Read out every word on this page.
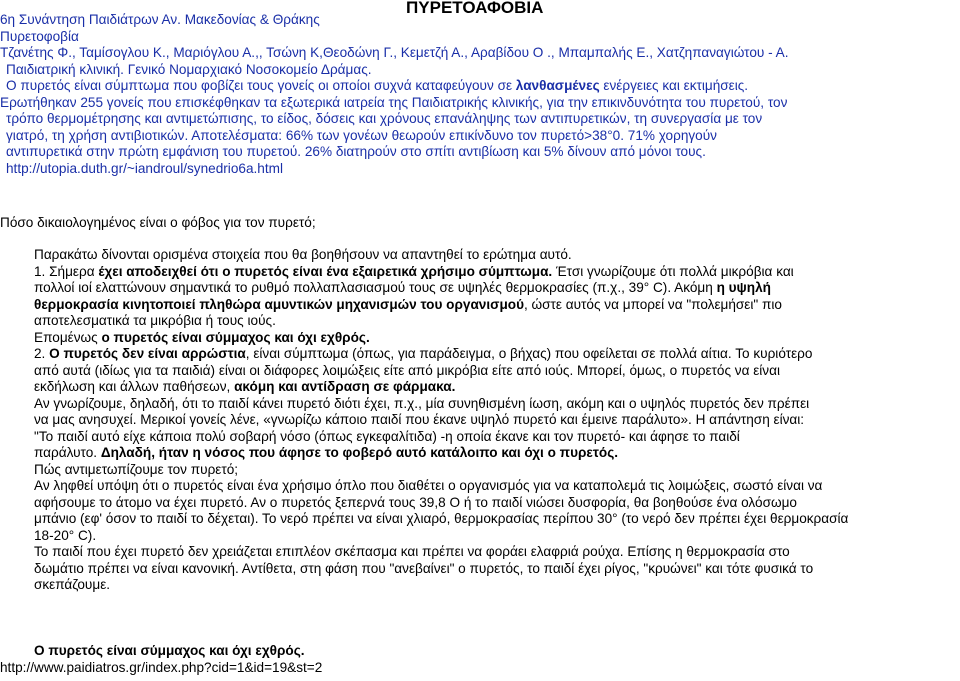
ΠΥΡΕΤΟΑΦΟΒΙΑ

6η Συνάντηση Παιδιάτρων Αν. Μακεδονίας & Θράκης

Πυρετοφοβία

Τζανέτης Φ., Ταμίσογλου Κ., Μαριόγλου Α.,, Τσώνη Κ,Θεοδώνη Γ., Κεμετζή Α., Αραβίδου Ο ., Μπαμπαλής Ε., Χατζηπαναγιώτου - Α.

Παιδιατρική κλινική. Γενικό Νομαρχιακό Νοσοκομείο Δράμας.

Ο πυρετός είναι σύμπτωμα που φοβίζει τους γονείς οι οποίοι συχνά καταφεύγουν σε λανθασμένες ενέργειες και εκτιμήσεις.

Ερωτήθηκαν 255 γονείς που επισκέφθηκαν τα εξωτερικά ιατρεία της Παιδιατρικής κλινικής, για την επικινδυνότητα του πυρετού, τον

τρόπο θερμομέτρησης και αντιμετώπισης, το είδος, δόσεις και χρόνους επανάληψης των αντιπυρετικών, τη συνεργασία με τον

γιατρό, τη χρήση αντιβιοτικών. Αποτελέσματα: 66% των γονέων θεωρούν επικίνδυνο τον πυρετό>38°0. 71% χορηγούν

αντιπυρετικά στην πρώτη εμφάνιση του πυρετού. 26% διατηρούν στο σπίτι αντιβίωση και 5% δίνουν από μόνοι τους.

http://utopia.duth.gr/~iandroul/synedrio6a.html

Πόσο δικαιολογημένος είναι ο φόβος για τον πυρετό;

Παρακάτω δίνονται ορισμένα στοιχεία που θα βοηθήσουν να απαντηθεί το ερώτημα αυτό.

1. Σήμερα έχει αποδειχθεί ότι ο πυρετός είναι ένα εξαιρετικά χρήσιμο σύμπτωμα. Έτσι γνωρίζουμε ότι πολλά μικρόβια και

πολλοί ιοί ελαττώνουν σημαντικά το ρυθμό πολλαπλασιασμού τους σε υψηλές θερμοκρασίες (π.χ., 39° C). Ακόμη η υψηλή

θερμοκρασία κινητοποιεί πληθώρα αμυντικών μηχανισμών του οργανισμού, ώστε αυτός να μπορεί να "πολεμήσει" πιο

αποτελεσματικά τα μικρόβια ή τους ιούς.

Επομένως ο πυρετός είναι σύμμαχος και όχι εχθρός.

2. Ο πυρετός δεν είναι αρρώστια, είναι σύμπτωμα (όπως, για παράδειγμα, ο βήχας) που οφείλεται σε πολλά αίτια. Το κυριότερο

από αυτά (ιδίως για τα παιδιά) είναι οι διάφορες λοιμώξεις είτε από μικρόβια είτε από ιούς. Μπορεί, όμως, ο πυρετός να είναι

εκδήλωση και άλλων παθήσεων, ακόμη και αντίδραση σε φάρμακα.

Αν γνωρίζουμε, δηλαδή, ότι το παιδί κάνει πυρετό διότι έχει, π.χ., μία συνηθισμένη ίωση, ακόμη και ο υψηλός πυρετός δεν πρέπει

να μας ανησυχεί. Μερικοί γονείς λένε, «γνωρίζω κάποιο παιδί που έκανε υψηλό πυρετό και έμεινε παράλυτο». Η απάντηση είναι:

"Το παιδί αυτό είχε κάποια πολύ σοβαρή νόσο (όπως εγκεφαλίτιδα) -η οποία έκανε και τον πυρετό- και άφησε το παιδί

παράλυτο. Δηλαδή, ήταν η νόσος που άφησε το φοβερό αυτό κατάλοιπο και όχι ο πυρετός.

Πώς αντιμετωπίζουμε τον πυρετό;

Αν ληφθεί υπόψη ότι ο πυρετός είναι ένα χρήσιμο όπλο που διαθέτει ο οργανισμός για να καταπολεμά τις λοιμώξεις, σωστό είναι να

αφήσουμε το άτομο να έχει πυρετό. Αν ο πυρετός ξεπερνά τους 39,8 Ο ή το παιδί νιώσει δυσφορία, θα βοηθούσε ένα ολόσωμο

μπάνιο (εφ' όσον το παιδί το δέχεται). Το νερό πρέπει να είναι χλιαρό, θερμοκρασίας περίπου 30° (το νερό δεν πρέπει έχει θερμοκρασία

18-20° C).

Το παιδί που έχει πυρετό δεν χρειάζεται επιπλέον σκέπασμα και πρέπει να φοράει ελαφριά ρούχα. Επίσης η θερμοκρασία στο

δωμάτιο πρέπει να είναι κανονική. Αντίθετα, στη φάση που "ανεβαίνει" ο πυρετός, το παιδί έχει ρίγος, "κρυώνει" και τότε φυσικά το

σκεπάζουμε.

Ο πυρετός είναι σύμμαχος και όχι εχθρός.
http://www.paidiatros.gr/index.php?cid=1&id=19&st=2
